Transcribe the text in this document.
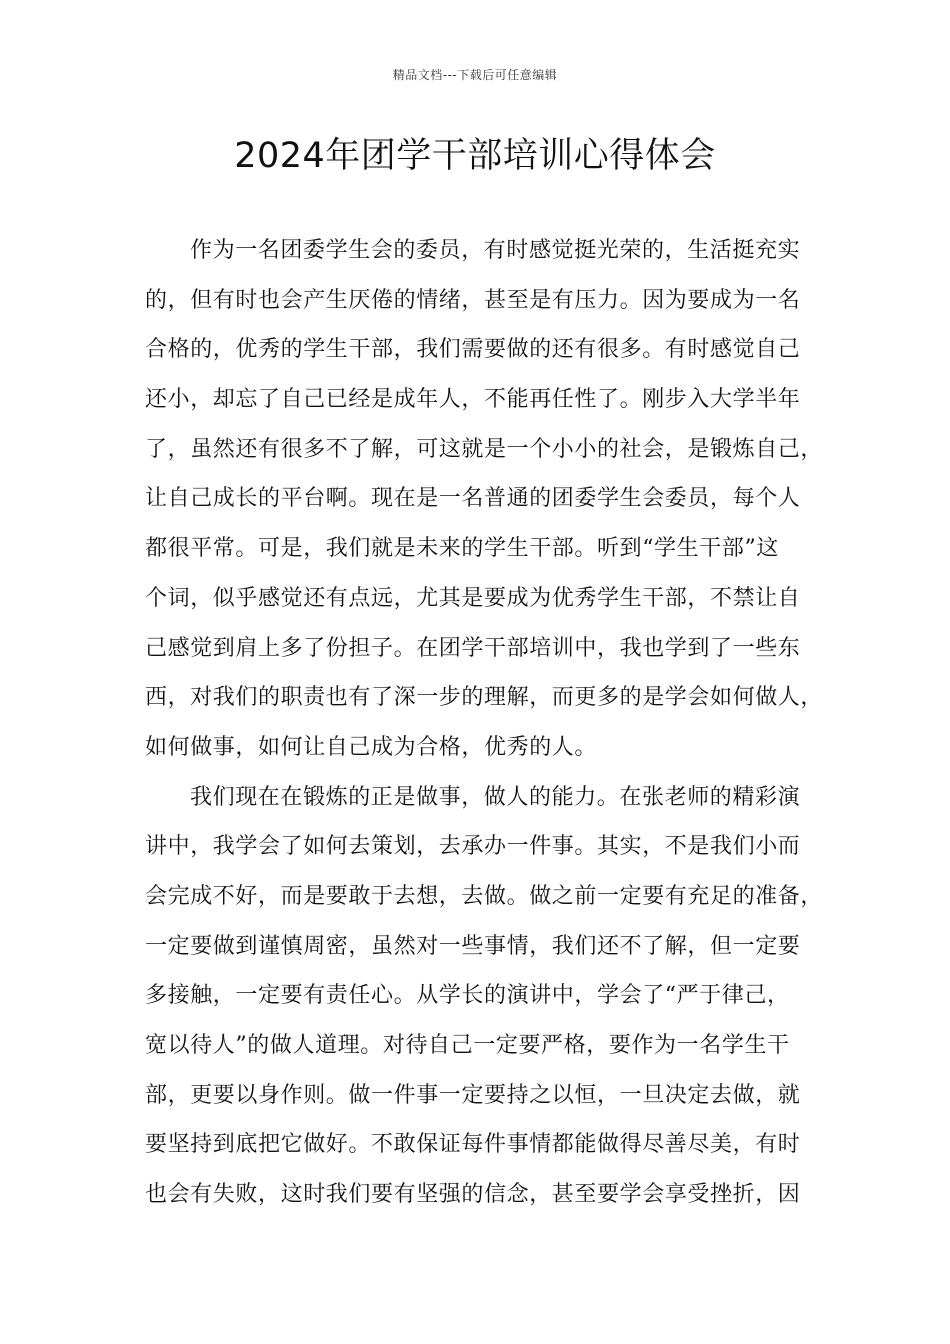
精品文档---下载后可任意编辑
2024年团学干部培训心得体会
作为一名团委学生会的委员，有时感觉挺光荣的，生活挺充实
的，但有时也会产生厌倦的情绪，甚至是有压力。因为要成为一名
合格的，优秀的学生干部，我们需要做的还有很多。有时感觉自己
还小，却忘了自己已经是成年人，不能再任性了。刚步入大学半年
了，虽然还有很多不了解，可这就是一个小小的社会，是锻炼自己，
让自己成长的平台啊。现在是一名普通的团委学生会委员，每个人
都很平常。可是，我们就是未来的学生干部。听到“学生干部”这
个词，似乎感觉还有点远，尤其是要成为优秀学生干部，不禁让自
己感觉到肩上多了份担子。在团学干部培训中，我也学到了一些东
西，对我们的职责也有了深一步的理解，而更多的是学会如何做人，
如何做事，如何让自己成为合格，优秀的人。
我们现在在锻炼的正是做事，做人的能力。在张老师的精彩演
讲中，我学会了如何去策划，去承办一件事。其实，不是我们小而
会完成不好，而是要敢于去想，去做。做之前一定要有充足的准备，
一定要做到谨慎周密，虽然对一些事情，我们还不了解，但一定要
多接触，一定要有责任心。从学长的演讲中，学会了“严于律己，
宽以待人”的做人道理。对待自己一定要严格，要作为一名学生干
部，更要以身作则。做一件事一定要持之以恒，一旦决定去做，就
要坚持到底把它做好。不敢保证每件事情都能做得尽善尽美，有时
也会有失败，这时我们要有坚强的信念，甚至要学会享受挫折，因
